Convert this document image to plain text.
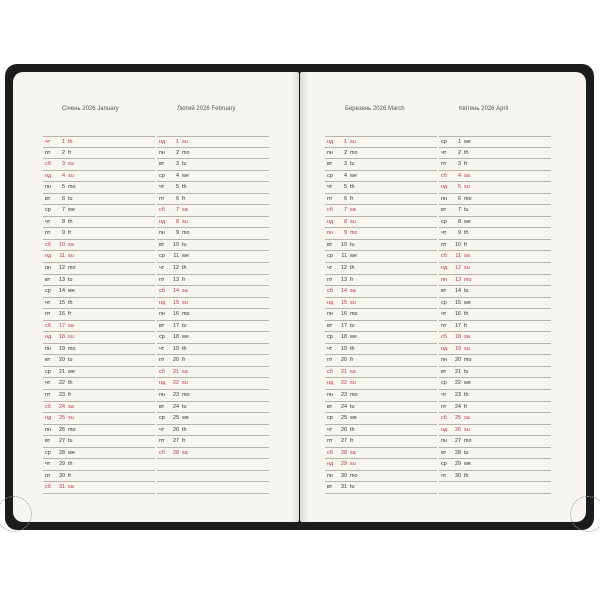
Січень 2026 January
чт	1 th
пт	2 fr
сб	3 sa
нд	4 su
пн	5 mo
вт	6 tu
ср	7 we
чт	8 th
пт	9 fr
сб	10 sa
нд	11 su
пн	12 mo
вт	13 tu
ср	14 we
чт	15 th
пт	16 fr
сб	17 sa
нд	18 su
пн	19 mo
вт	20 tu
ср	21 we
чт	22 th
пт	23 fr
сб	24 sa
нд	25 su
пн	26 mo
вт	27 tu
ср	28 we
чт	29 th
пт	30 fr
сб	31 sa
Лютий 2026 February
нд	1 su
пн	2 mo
вт	3 tu
ср	4 we
чт	5 th
пт	6 fr
сб	7 sa
нд	8 su
пн	9 mo
вт	10 tu
ср	11 we
чт	12 th
пт	13 fr
сб	14 sa
нд	15 su
пн	16 mo
вт	17 tu
ср	18 we
чт	19 th
пт	20 fr
сб	21 sa
нд	22 su
пн	23 mo
вт	24 tu
ср	25 we
чт	26 th
пт	27 fr
сб	28 sa
Березень 2026 March
нд	1 su
пн	2 mo
вт	3 tu
ср	4 we
чт	5 th
пт	6 fr
сб	7 sa
нд	8 su
пн	9 mo
вт	10 tu
ср	11 we
чт	12 th
пт	13 fr
сб	14 sa
нд	15 su
пн	16 mo
вт	17 tu
ср	18 we
чт	19 th
пт	20 fr
сб	21 sa
нд	22 su
пн	23 mo
вт	24 tu
ср	25 we
чт	26 th
пт	27 fr
сб	28 sa
нд	29 su
пн	30 mo
вт	31 tu
Квітень 2026 April
ср	1 we
чт	2 th
пт	3 fr
сб	4 sa
нд	5 su
пн	6 mo
вт	7 tu
ср	8 we
чт	9 th
пт	10 fr
сб	11 sa
нд	12 su
пн	13 mo
вт	14 tu
ср	15 we
чт	16 th
пт	17 fr
сб	18 sa
нд	19 su
пн	20 mo
вт	21 tu
ср	22 we
чт	23 th
пт	24 fr
сб	25 sa
нд	26 su
пн	27 mo
вт	28 tu
ср	29 we
чт	30 th
